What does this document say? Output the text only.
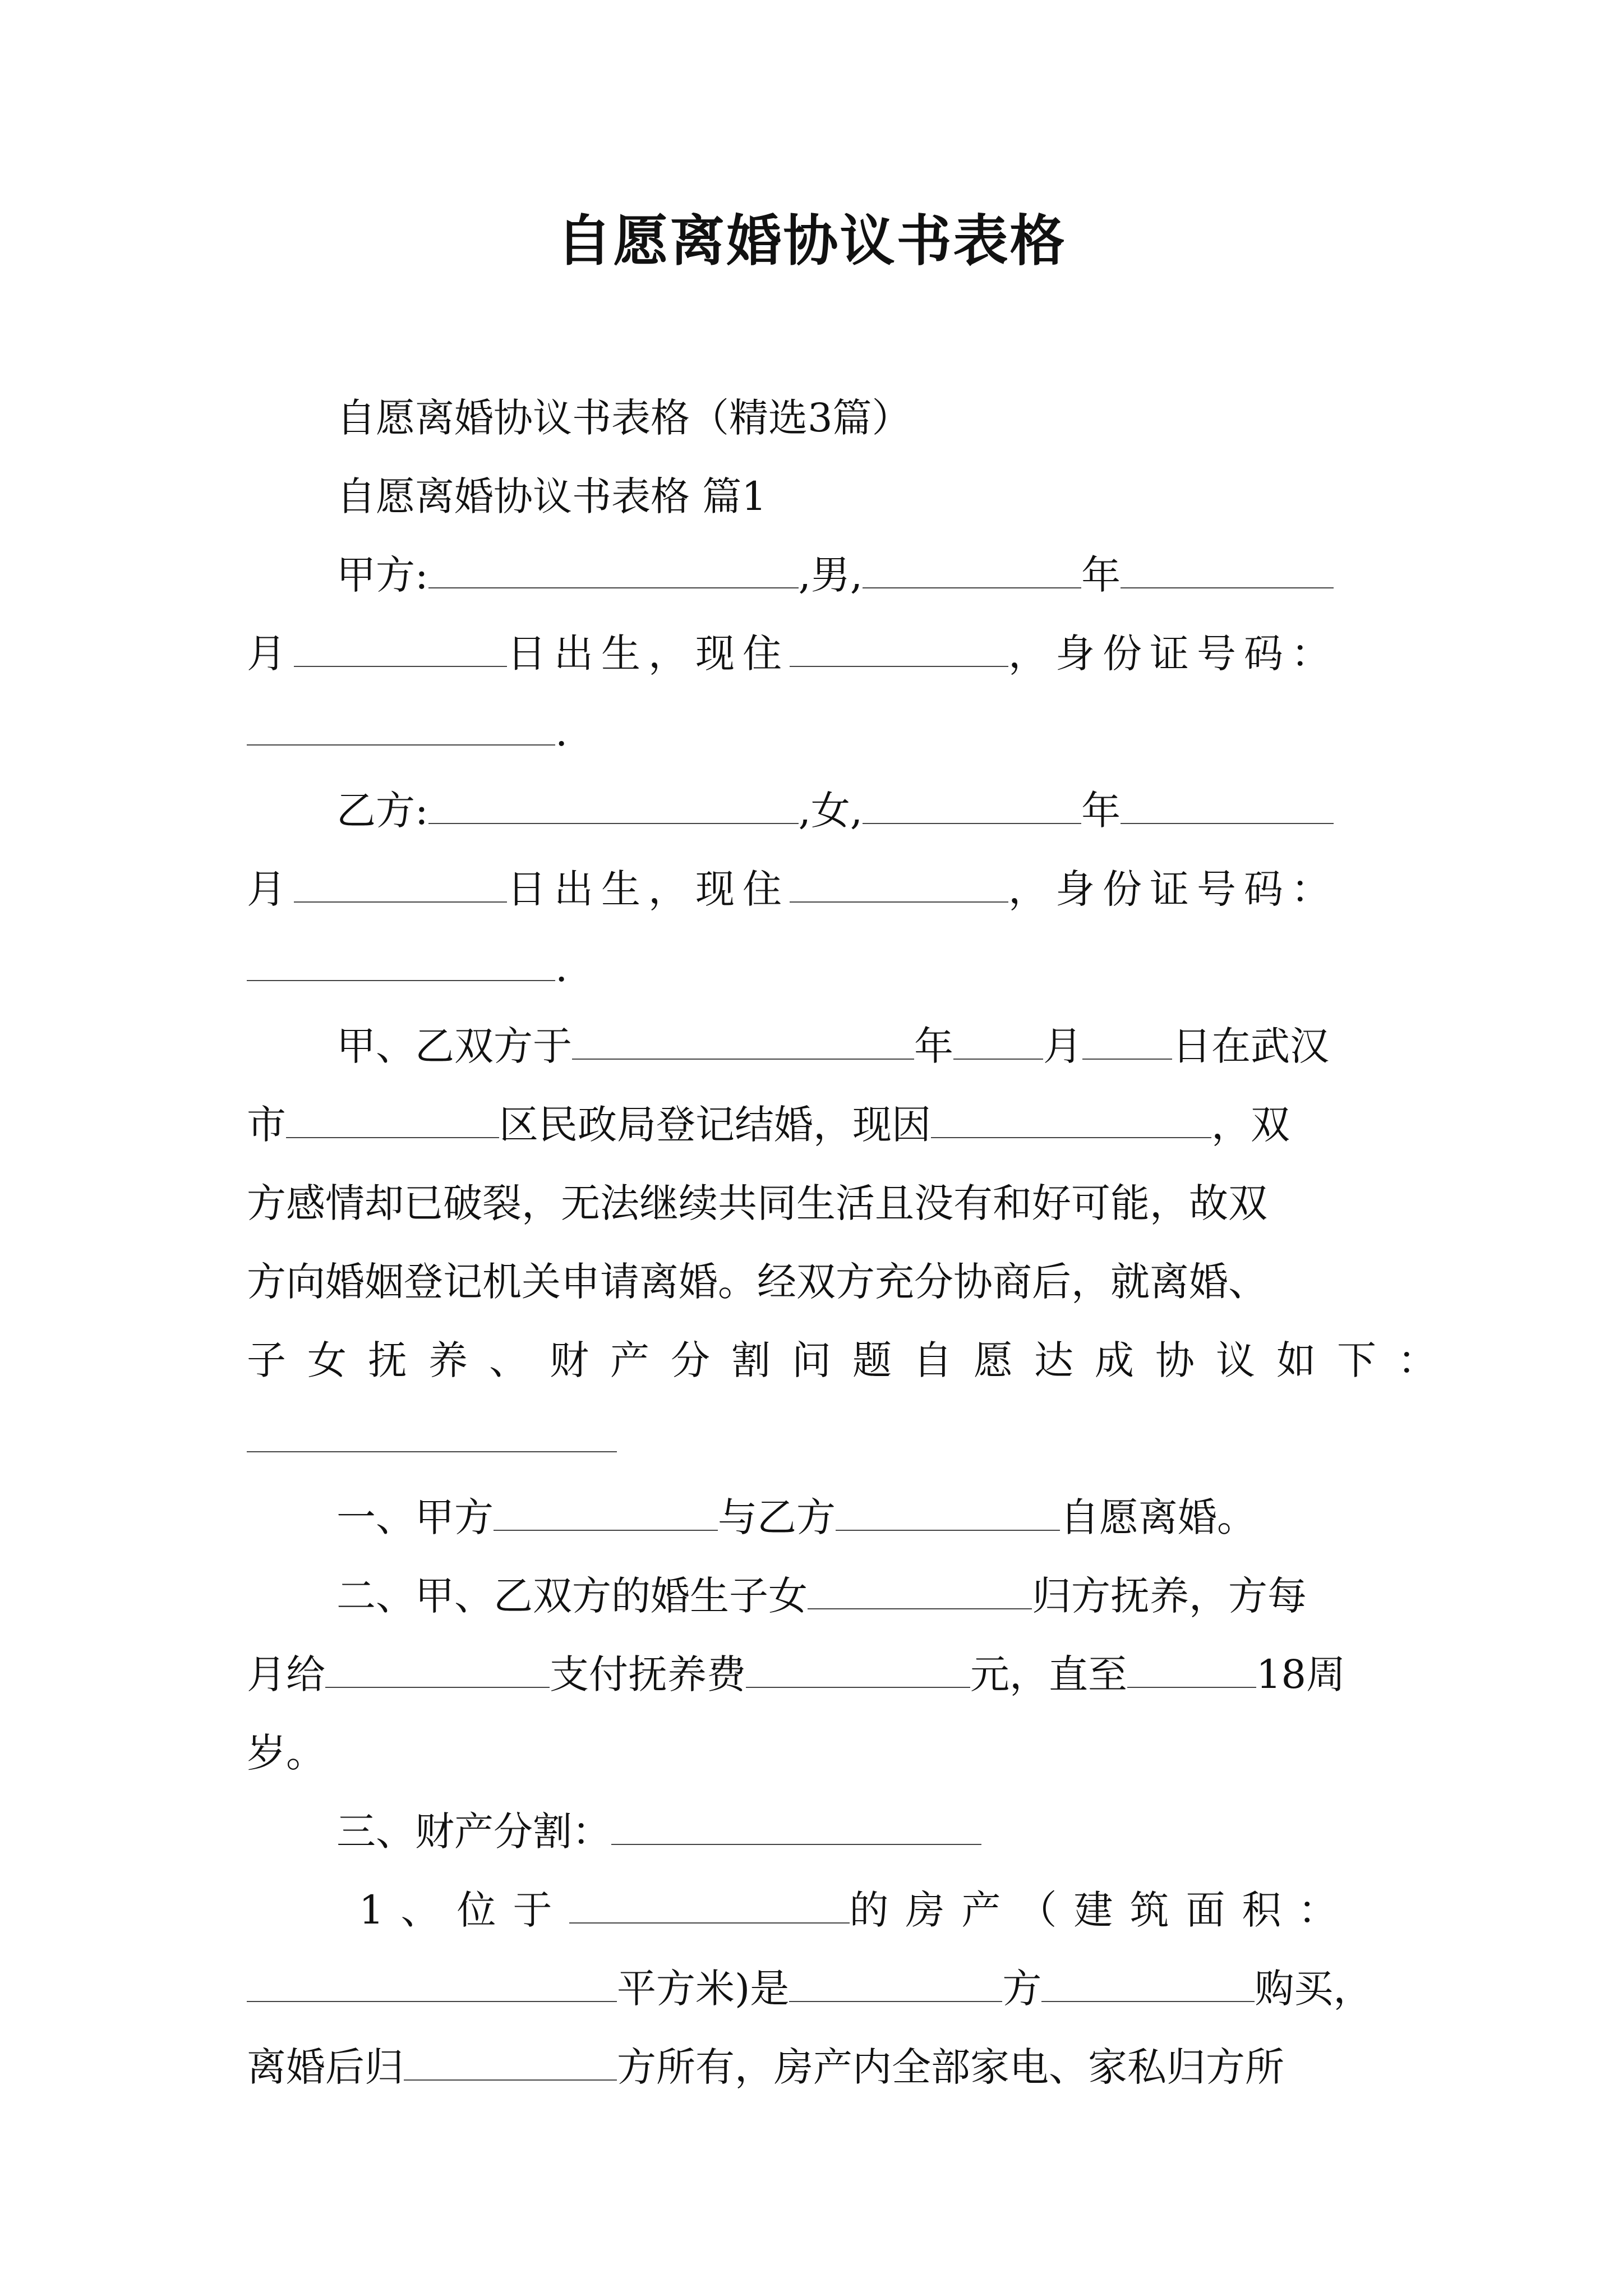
自愿离婚协议书表格
自愿离婚协议书表格（精选3篇）
自愿离婚协议书表格 篇1
甲方:	,男,	年
月	日出生，现住	，身份证号码：
.
乙方:	,女,	年
月	日出生，现住	，身份证号码：
.
甲、乙双方于	年 月 日在武汉
市	区民政局登记结婚，现因	，双
方感情却已破裂，无法继续共同生活且没有和好可能，故双
方向婚姻登记机关申请离婚。经双方充分协商后，就离婚、
子女抚养、财产分割问题自愿达成协议如下：
一、甲方	与乙方	自愿离婚。
二、甲、乙双方的婚生子女	归方抚养，方每
月给	支付抚养费	元，直至	18周
岁。
三、财产分割：
1、位于	的房产（建筑面积：
平方米)是	方	购买，
离婚后归	方所有，房产内全部家电、家私归方所
